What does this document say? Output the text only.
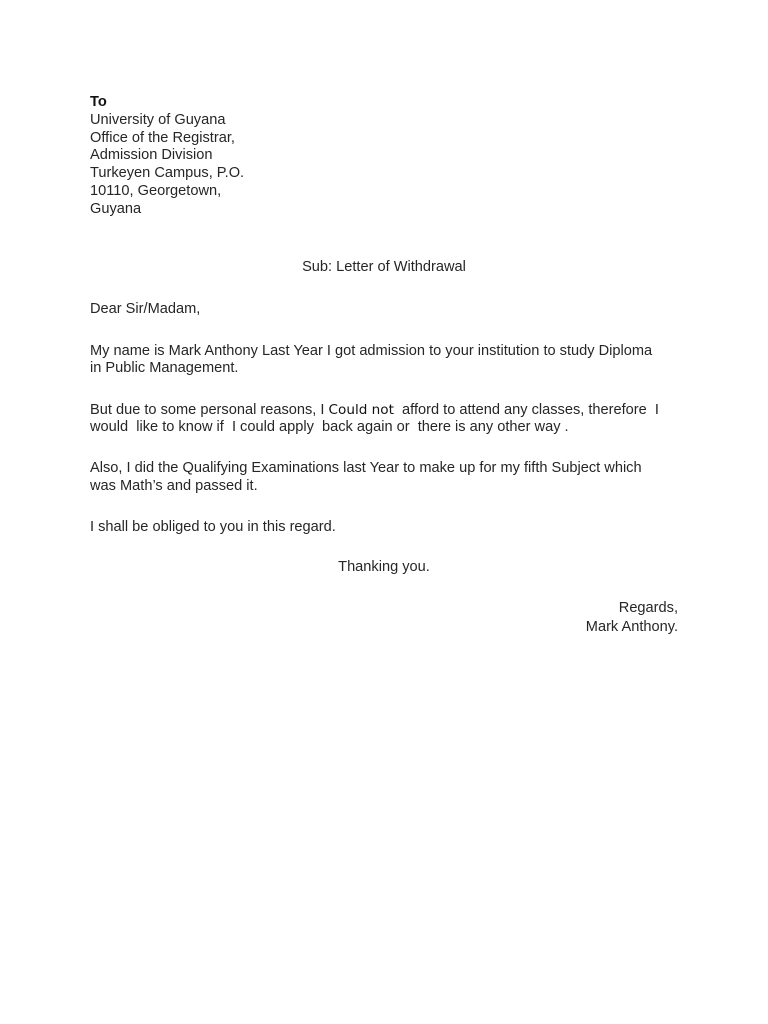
To

University of Guyana

Office of the Registrar,

Admission Division

Turkeyen Campus, P.O.

10110, Georgetown,

Guyana

Sub: Letter of Withdrawal

Dear Sir/Madam,

My name is Mark Anthony Last Year I got admission to your institution to study Diploma

in Public Management.

But due to some personal reasons, I Could not  afford to attend any classes, therefore  I

would  like to know if  I could apply  back again or  there is any other way .

Also, I did the Qualifying Examinations last Year to make up for my fifth Subject which

was Math’s and passed it.

I shall be obliged to you in this regard.

Thanking you.

Regards,

Mark Anthony.
